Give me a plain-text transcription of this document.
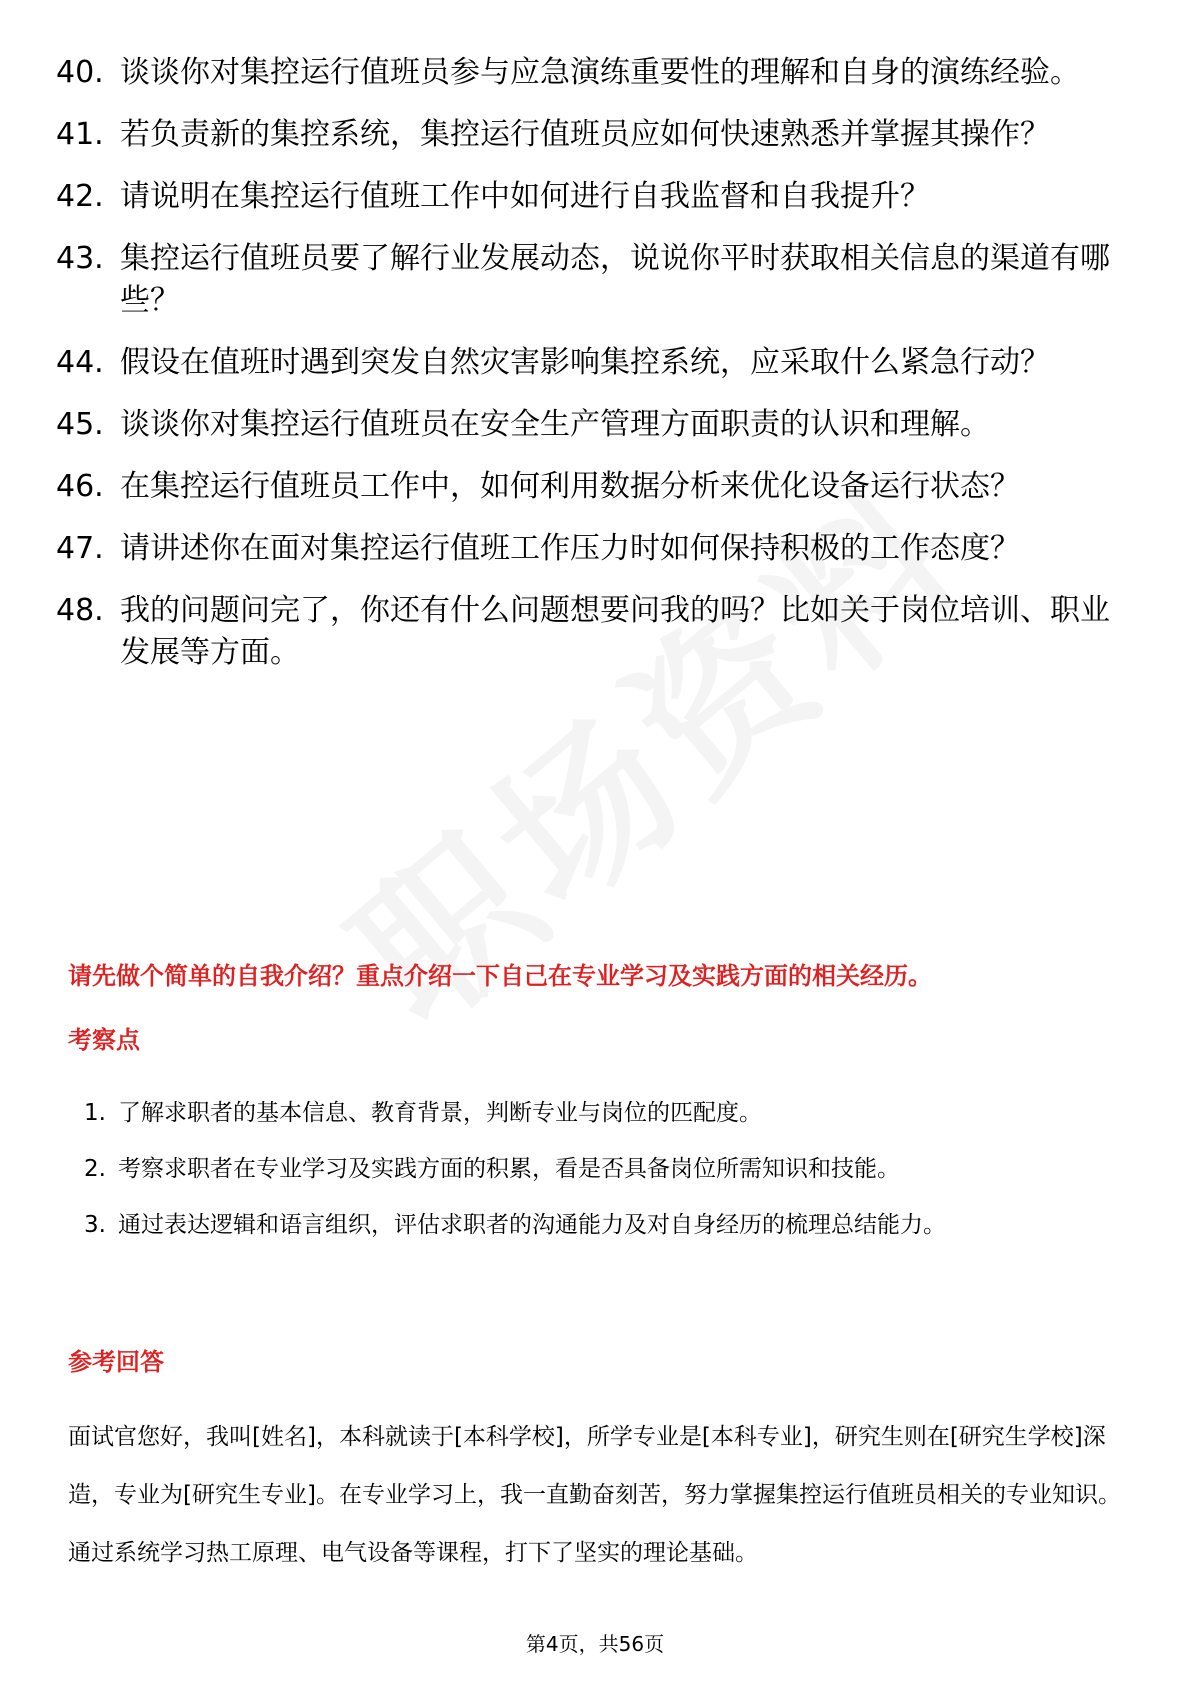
40. 谈谈你对集控运行值班员参与应急演练重要性的理解和自身的演练经验。
41. 若负责新的集控系统，集控运行值班员应如何快速熟悉并掌握其操作？
42. 请说明在集控运行值班工作中如何进行自我监督和自我提升？
43. 集控运行值班员要了解行业发展动态，说说你平时获取相关信息的渠道有哪些？
44. 假设在值班时遇到突发自然灾害影响集控系统，应采取什么紧急行动？
45. 谈谈你对集控运行值班员在安全生产管理方面职责的认识和理解。
46. 在集控运行值班员工作中，如何利用数据分析来优化设备运行状态？
47. 请讲述你在面对集控运行值班工作压力时如何保持积极的工作态度？
48. 我的问题问完了，你还有什么问题想要问我的吗？比如关于岗位培训、职业发展等方面。
请先做个简单的自我介绍？重点介绍一下自己在专业学习及实践方面的相关经历。
考察点
1. 了解求职者的基本信息、教育背景，判断专业与岗位的匹配度。
2. 考察求职者在专业学习及实践方面的积累，看是否具备岗位所需知识和技能。
3. 通过表达逻辑和语言组织，评估求职者的沟通能力及对自身经历的梳理总结能力。
参考回答

面试官您好，我叫[姓名]，本科就读于[本科学校]，所学专业是[本科专业]，研究生则在[研究生学校]深造，专业为[研究生专业]。在专业学习上，我一直勤奋刻苦，努力掌握集控运行值班员相关的专业知识。通过系统学习热工原理、电气设备等课程，打下了坚实的理论基础。

第4页，共56页
